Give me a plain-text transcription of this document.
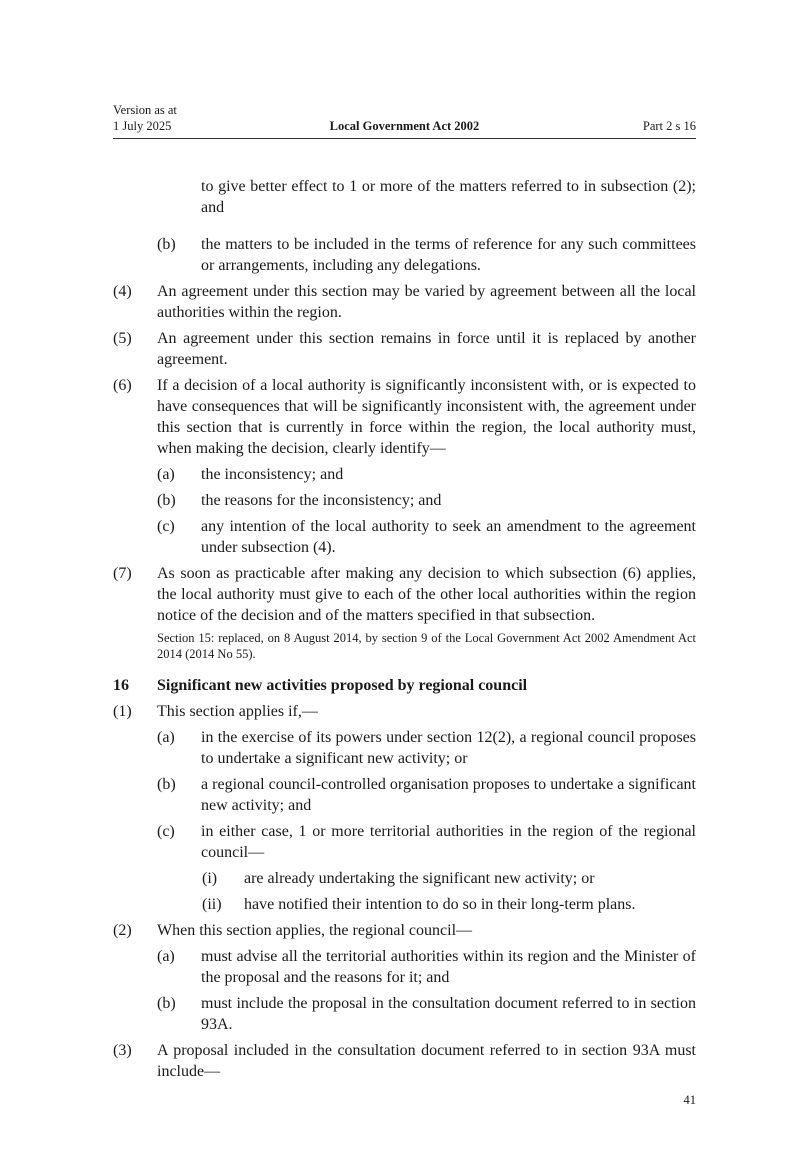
Version as at
1 July 2025	Local Government Act 2002	Part 2 s 16

to give better effect to 1 or more of the matters referred to in subsection (2); and

(b) the matters to be included in the terms of reference for any such committees or arrangements, including any delegations.
(4) An agreement under this section may be varied by agreement between all the local authorities within the region.
(5) An agreement under this section remains in force until it is replaced by another agreement.
(6) If a decision of a local authority is significantly inconsistent with, or is expected to have consequences that will be significantly inconsistent with, the agreement under this section that is currently in force within the region, the local authority must, when making the decision, clearly identify—
(a) the inconsistency; and
(b) the reasons for the inconsistency; and
(c) any intention of the local authority to seek an amendment to the agreement under subsection (4).
(7) As soon as practicable after making any decision to which subsection (6) applies, the local authority must give to each of the other local authorities within the region notice of the decision and of the matters specified in that subsection.
Section 15: replaced, on 8 August 2014, by section 9 of the Local Government Act 2002 Amendment Act 2014 (2014 No 55).
16 Significant new activities proposed by regional council
(1) This section applies if,—
(a) in the exercise of its powers under section 12(2), a regional council proposes to undertake a significant new activity; or
(b) a regional council-controlled organisation proposes to undertake a significant new activity; and
(c) in either case, 1 or more territorial authorities in the region of the regional council—
(i) are already undertaking the significant new activity; or
(ii) have notified their intention to do so in their long-term plans.
(2) When this section applies, the regional council—
(a) must advise all the territorial authorities within its region and the Minister of the proposal and the reasons for it; and
(b) must include the proposal in the consultation document referred to in section 93A.
(3) A proposal included in the consultation document referred to in section 93A must include—
41
